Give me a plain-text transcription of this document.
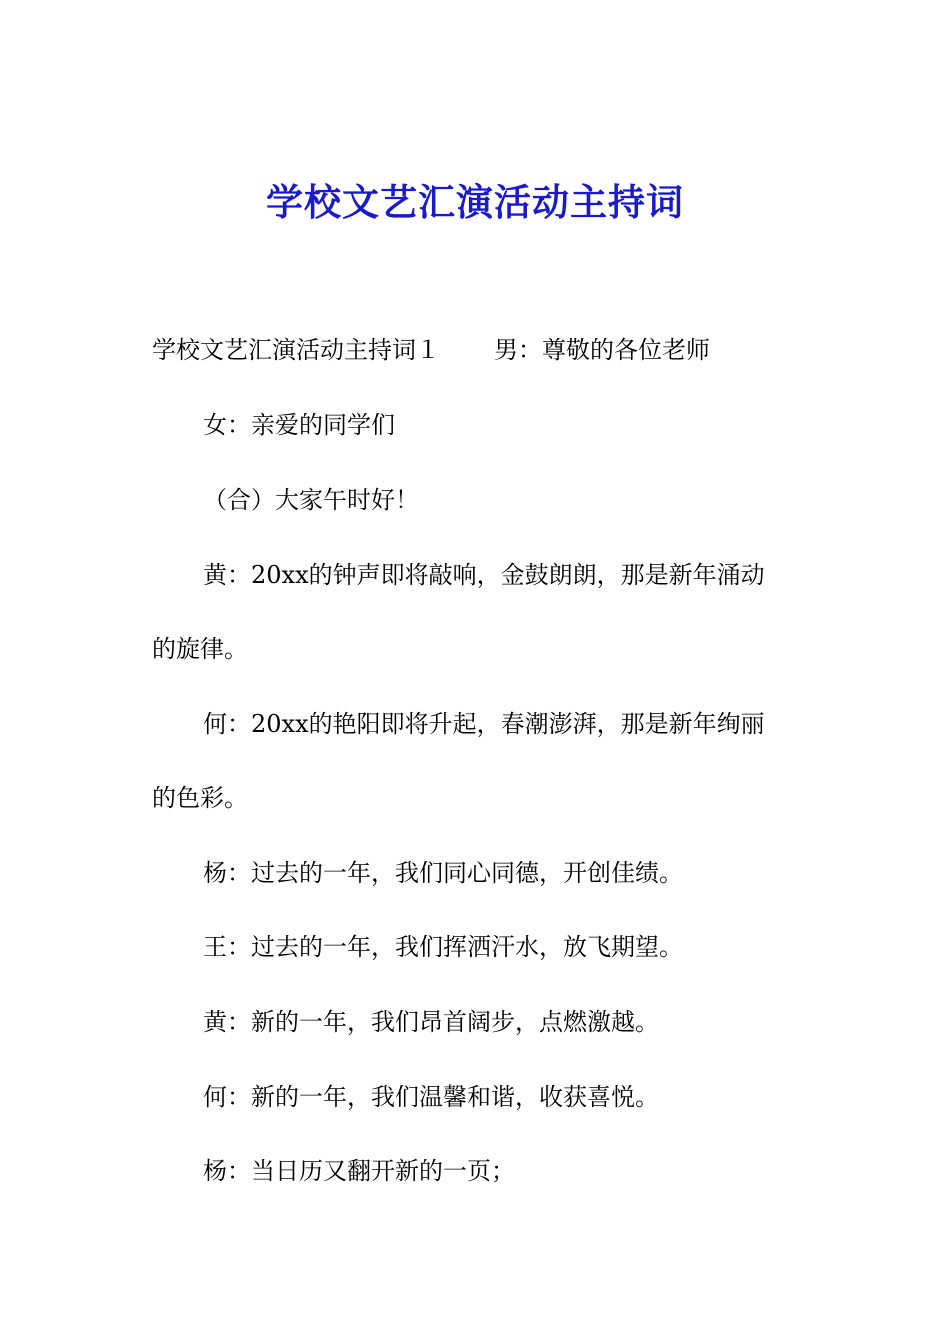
学校文艺汇演活动主持词
学校文艺汇演活动主持词１ 男：尊敬的各位老师
女：亲爱的同学们
（合）大家午时好！
黄：20xx的钟声即将敲响，金鼓朗朗，那是新年涌动
的旋律。
何：20xx的艳阳即将升起，春潮澎湃，那是新年绚丽
的色彩。
杨：过去的一年，我们同心同德，开创佳绩。
王：过去的一年，我们挥洒汗水，放飞期望。
黄：新的一年，我们昂首阔步，点燃激越。
何：新的一年，我们温馨和谐，收获喜悦。
杨：当日历又翻开新的一页；
